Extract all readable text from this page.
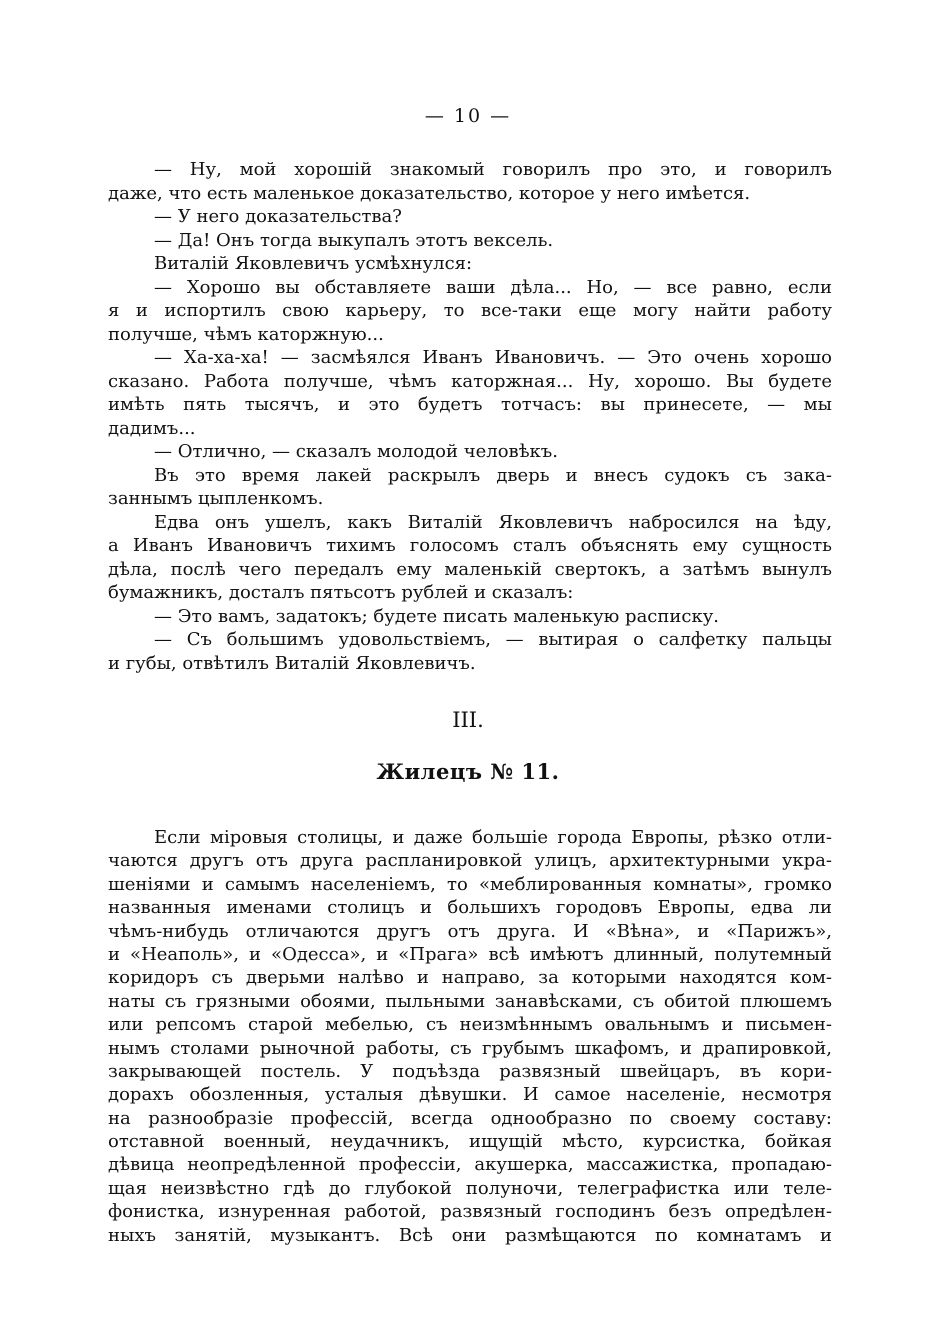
— 10 —
— Ну, мой хорошій знакомый говорилъ про это, и говорилъ
даже, что есть маленькое доказательство, которое у него имѣется.
— У него доказательства?
— Да! Онъ тогда выкупалъ этотъ вексель.
Виталій Яковлевичъ усмѣхнулся:
— Хорошо вы обставляете ваши дѣла... Но, — все равно, если
я и испортилъ свою карьеру, то все-таки еще могу найти работу
получше, чѣмъ каторжную...
— Ха-ха-ха! — засмѣялся Иванъ Ивановичъ. — Это очень хорошо
сказано. Работа получше, чѣмъ каторжная... Ну, хорошо. Вы будете
имѣть пять тысячъ, и это будетъ тотчасъ: вы принесете, — мы
дадимъ...
— Отлично, — сказалъ молодой человѣкъ.
Въ это время лакей раскрылъ дверь и внесъ судокъ съ зака-
заннымъ цыпленкомъ.
Едва онъ ушелъ, какъ Виталій Яковлевичъ набросился на ѣду,
а Иванъ Ивановичъ тихимъ голосомъ сталъ объяснять ему сущность
дѣла, послѣ чего передалъ ему маленькій свертокъ, а затѣмъ вынулъ
бумажникъ, досталъ пятьсотъ рублей и сказалъ:
— Это вамъ, задатокъ; будете писать маленькую расписку.
— Съ большимъ удовольствіемъ, — вытирая о салфетку пальцы
и губы, отвѣтилъ Виталій Яковлевичъ.
III.
Жилецъ № 11.
Если міровыя столицы, и даже большіе города Европы, рѣзко отли-
чаются другъ отъ друга распланировкой улицъ, архитектурными укра-
шеніями и самымъ населеніемъ, то «меблированныя комнаты», громко
названныя именами столицъ и большихъ городовъ Европы, едва ли
чѣмъ-нибудь отличаются другъ отъ друга. И «Вѣна», и «Парижъ»,
и «Неаполь», и «Одесса», и «Прага» всѣ имѣютъ длинный, полутемный
коридоръ съ дверьми налѣво и направо, за которыми находятся ком-
наты съ грязными обоями, пыльными занавѣсками, съ обитой плюшемъ
или репсомъ старой мебелью, съ неизмѣннымъ овальнымъ и письмен-
нымъ столами рыночной работы, съ грубымъ шкафомъ, и драпировкой,
закрывающей постель. У подъѣзда развязный швейцаръ, въ кори-
дорахъ обозленныя, усталыя дѣвушки. И самое населеніе, несмотря
на разнообразіе профессій, всегда однообразно по своему составу:
отставной военный, неудачникъ, ищущій мѣсто, курсистка, бойкая
дѣвица неопредѣленной профессіи, акушерка, массажистка, пропадаю-
щая неизвѣстно гдѣ до глубокой полуночи, телеграфистка или теле-
фонистка, изнуренная работой, развязный господинъ безъ опредѣлен-
ныхъ занятій, музыкантъ. Всѣ они размѣщаются по комнатамъ и
